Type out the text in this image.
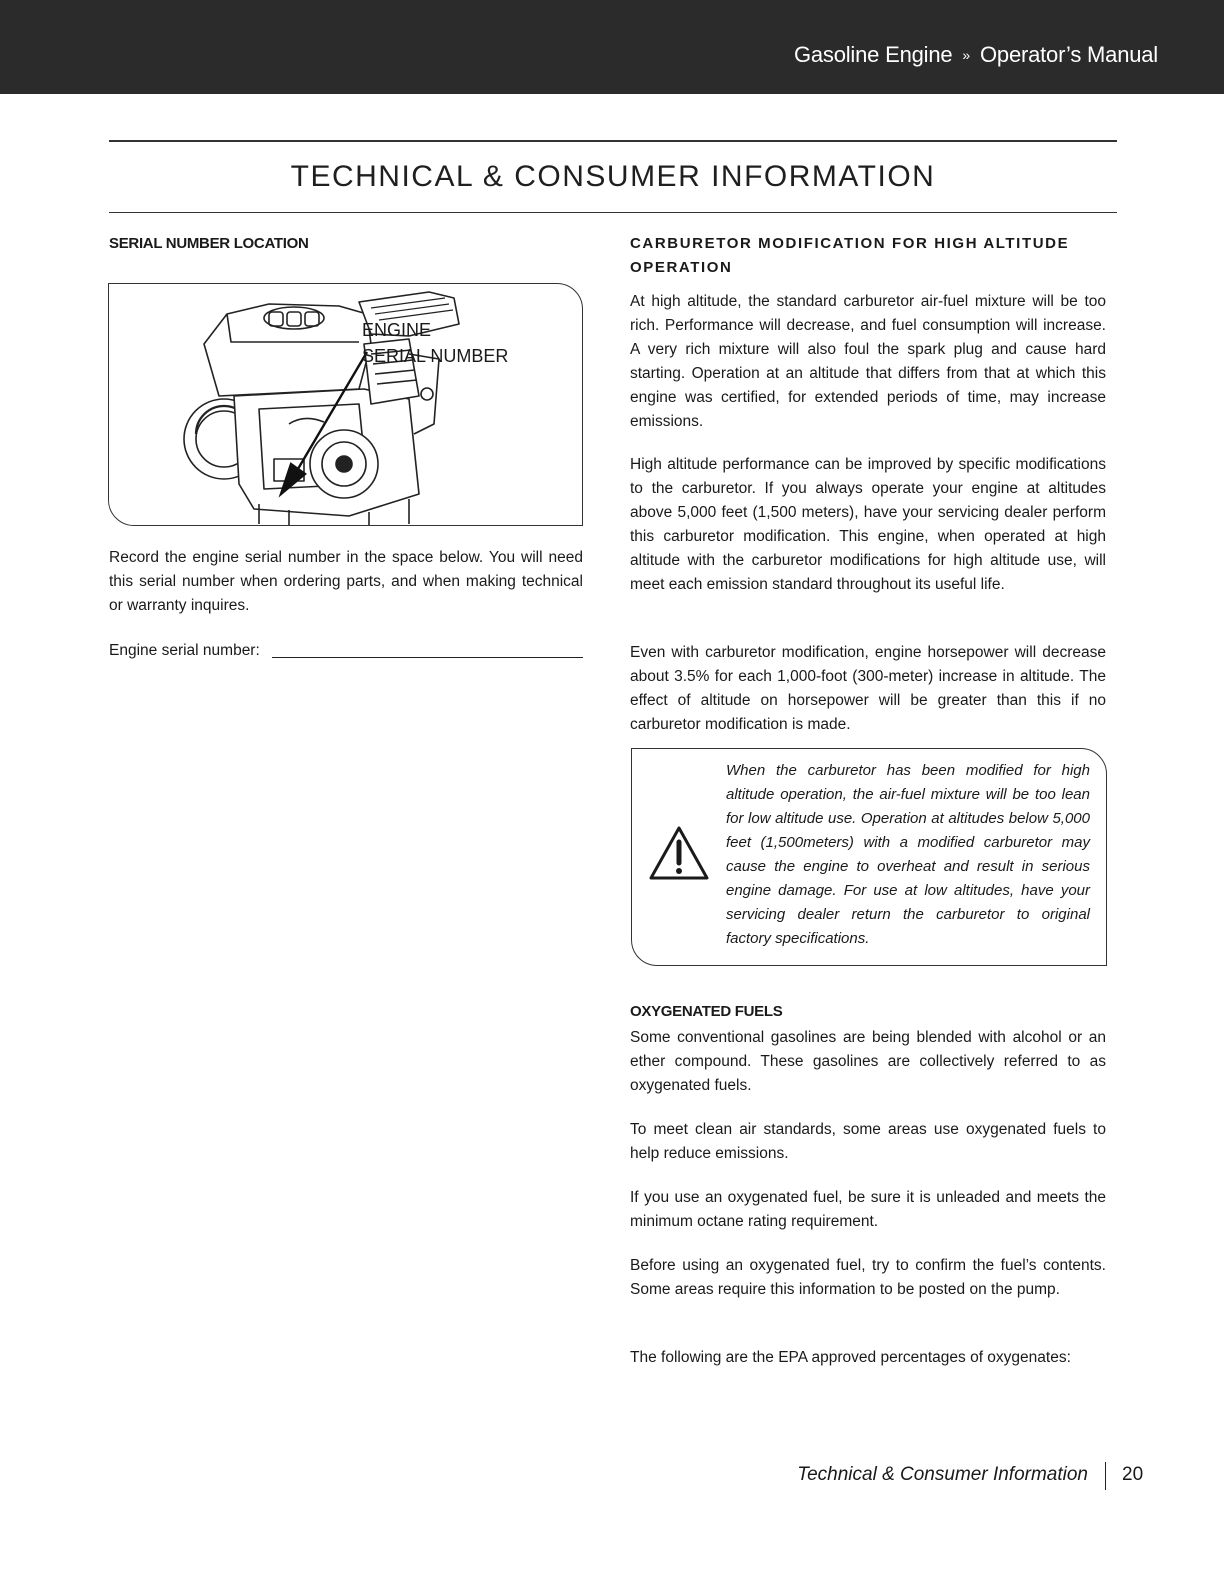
Gasoline Engine » Operator’s Manual
TECHNICAL & CONSUMER INFORMATION
SERIAL NUMBER LOCATION
ENGINE
SERIAL NUMBER

Record the engine serial number in the space below. You will need this serial number when ordering parts, and when making technical or warranty inquires.

Engine serial number:
CARBURETOR MODIFICATION FOR HIGH ALTITUDE OPERATION

At high altitude, the standard carburetor air-fuel mixture will be too rich. Performance will decrease, and fuel consumption will increase. A very rich mixture will also foul the spark plug and cause hard starting. Operation at an altitude that differs from that at which this engine was certified, for extended periods of time, may increase emissions.

High altitude performance can be improved by specific modifications to the carburetor. If you always operate your engine at altitudes above 5,000 feet (1,500 meters), have your servicing dealer perform this carburetor modification. This engine, when operated at high altitude with the carburetor modifications for high altitude use, will meet each emission standard throughout its useful life.

Even with carburetor modification, engine horsepower will decrease about 3.5% for each 1,000-foot (300-meter) increase in altitude. The effect of altitude on horsepower will be greater than this if no carburetor modification is made.

When the carburetor has been modified for high altitude operation, the air-fuel mixture will be too lean for low altitude use. Operation at altitudes below 5,000 feet (1,500meters) with a modified carburetor may cause the engine to overheat and result in serious engine damage. For use at low altitudes, have your servicing dealer return the carburetor to original factory specifications.

OXYGENATED FUELS

Some conventional gasolines are being blended with alcohol or an ether compound. These gasolines are collectively referred to as oxygenated fuels.

To meet clean air standards, some areas use oxygenated fuels to help reduce emissions.

If you use an oxygenated fuel, be sure it is unleaded and meets the minimum octane rating requirement.

Before using an oxygenated fuel, try to confirm the fuel’s contents. Some areas require this information to be posted on the pump.

The following are the EPA approved percentages of oxygenates:

Technical & Consumer Information 20
